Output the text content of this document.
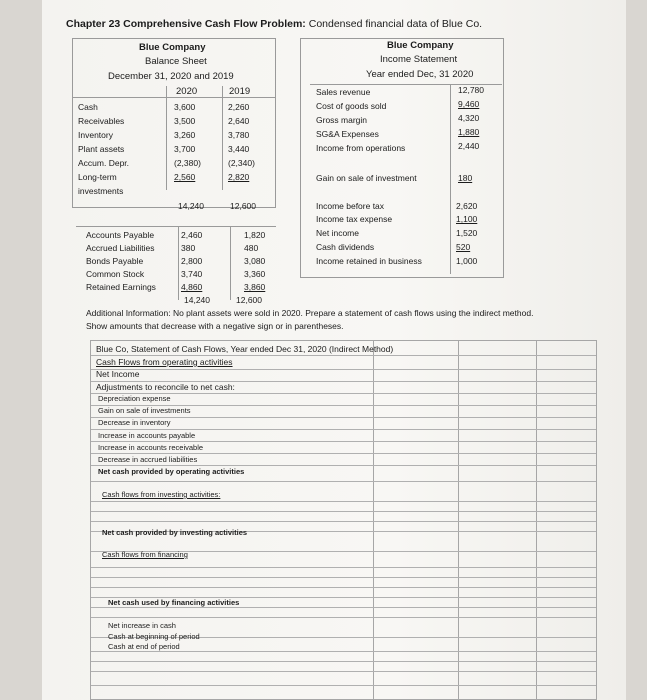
Chapter 23 Comprehensive Cash Flow Problem: Condensed financial data of Blue Co.
Blue Company
Balance Sheet
December 31, 2020 and 2019
2020	2019
Cash	3,600	2,260
Receivables	3,500	2,640
Inventory	3,260	3,780
Plant assets	3,700	3,440
Accum. Depr.	(2,380)	(2,340)
Long-term	2,560	2,820
investments
14,240	12,600
Accounts Payable	2,460	1,820
Accrued Liabilities	380	480
Bonds Payable	2,800	3,080
Common Stock	3,740	3,360
Retained Earnings	4,860	3,860
14,240	12,600
Blue Company
Income Statement
Year ended Dec, 31 2020
Sales revenue	12,780
Cost of goods sold	9,460
Gross margin	4,320
SG&A Expenses	1,880
Income from operations	2,440
Gain on sale of investment	180
Income before tax	2,620
Income tax expense	1,100
Net income	1,520
Cash dividends	520
Income retained in business	1,000
Additional Information: No plant assets were sold in 2020. Prepare a statement of cash flows using the indirect method.
Show amounts that decrease with a negative sign or in parentheses.
Blue Co, Statement of Cash Flows, Year ended Dec 31, 2020 (Indirect Method)
Cash Flows from operating activities
Net Income
Adjustments to reconcile to net cash:
Depreciation expense
Gain on sale of investments
Decrease in inventory
Increase in accounts payable
Increase in accounts receivable
Decrease in accrued liabilities
Net cash provided by operating activities
Cash flows from investing activities:
Net cash provided by investing activities
Cash flows from financing
Net cash used by financing activities
Net increase in cash
Cash at beginning of period
Cash at end of period
